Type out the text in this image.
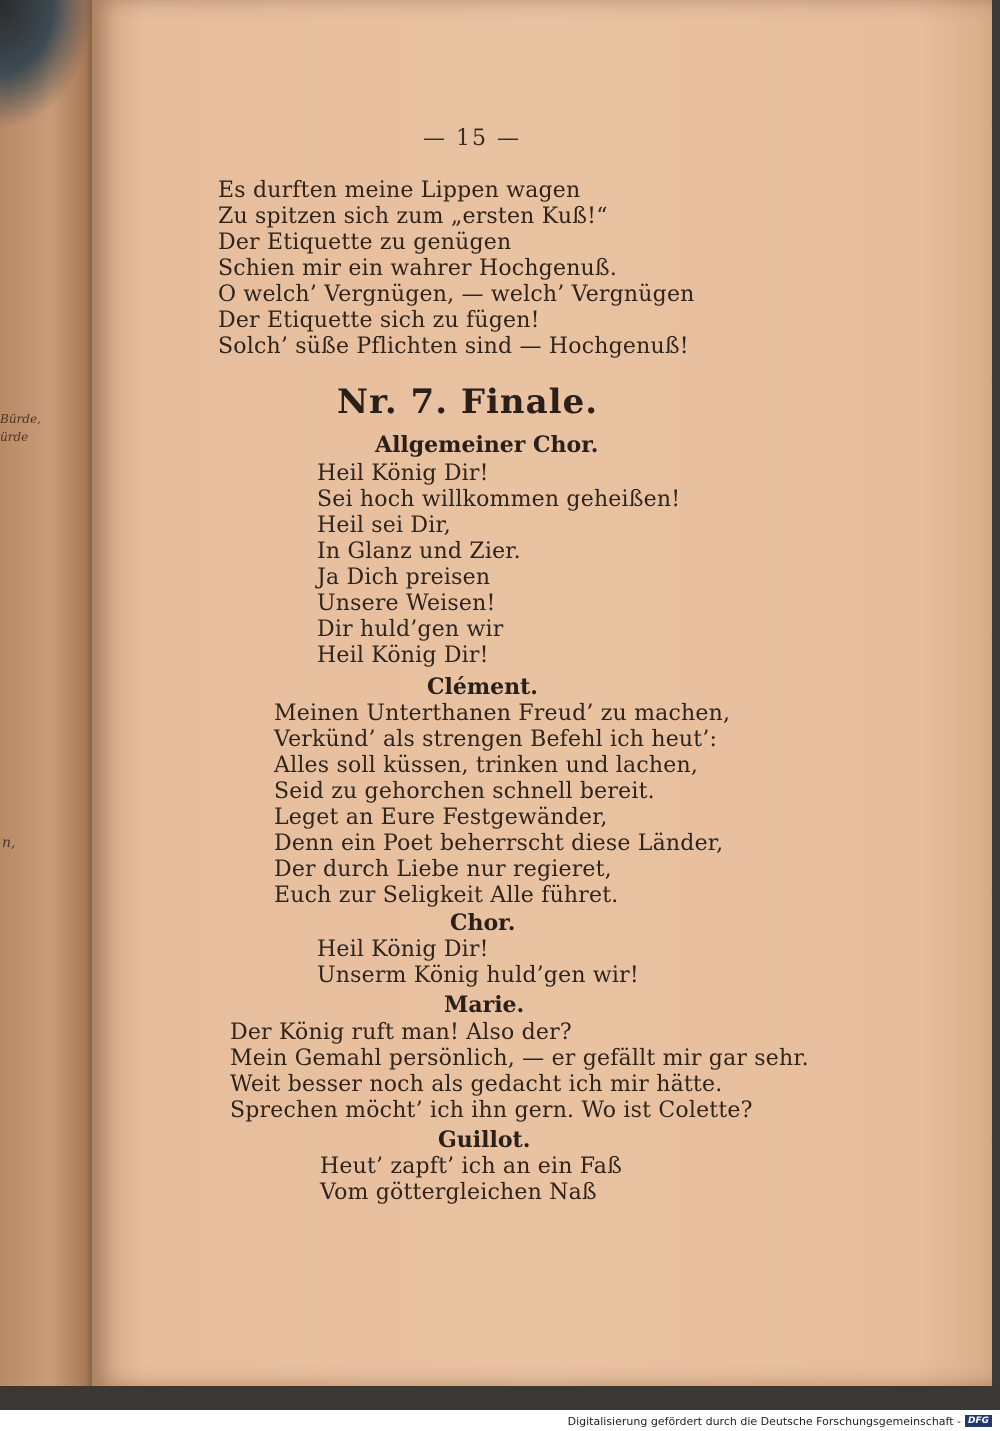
Bürde,
ürde
n,
— 15 —
Es durften meine Lippen wagen
Zu spitzen sich zum „ersten Kuß!“
Der Etiquette zu genügen
Schien mir ein wahrer Hochgenuß.
O welch’ Vergnügen, — welch’ Vergnügen
Der Etiquette sich zu fügen!
Solch’ süße Pflichten sind — Hochgenuß!
Nr. 7. Finale.
Allgemeiner Chor.
Heil König Dir!
Sei hoch willkommen geheißen!
Heil sei Dir,
In Glanz und Zier.
Ja Dich preisen
Unsere Weisen!
Dir huld’gen wir
Heil König Dir!
Clément.
Meinen Unterthanen Freud’ zu machen,
Verkünd’ als strengen Befehl ich heut’:
Alles soll küssen, trinken und lachen,
Seid zu gehorchen schnell bereit.
Leget an Eure Festgewänder,
Denn ein Poet beherrscht diese Länder,
Der durch Liebe nur regieret,
Euch zur Seligkeit Alle führet.
Chor.
Heil König Dir!
Unserm König huld’gen wir!
Marie.
Der König ruft man! Also der?
Mein Gemahl persönlich, — er gefällt mir gar sehr.
Weit besser noch als gedacht ich mir hätte.
Sprechen möcht’ ich ihn gern. Wo ist Colette?
Guillot.
Heut’ zapft’ ich an ein Faß
Vom göttergleichen Naß
Digitalisierung gefördert durch die Deutsche Forschungsgemeinschaft - DFG
